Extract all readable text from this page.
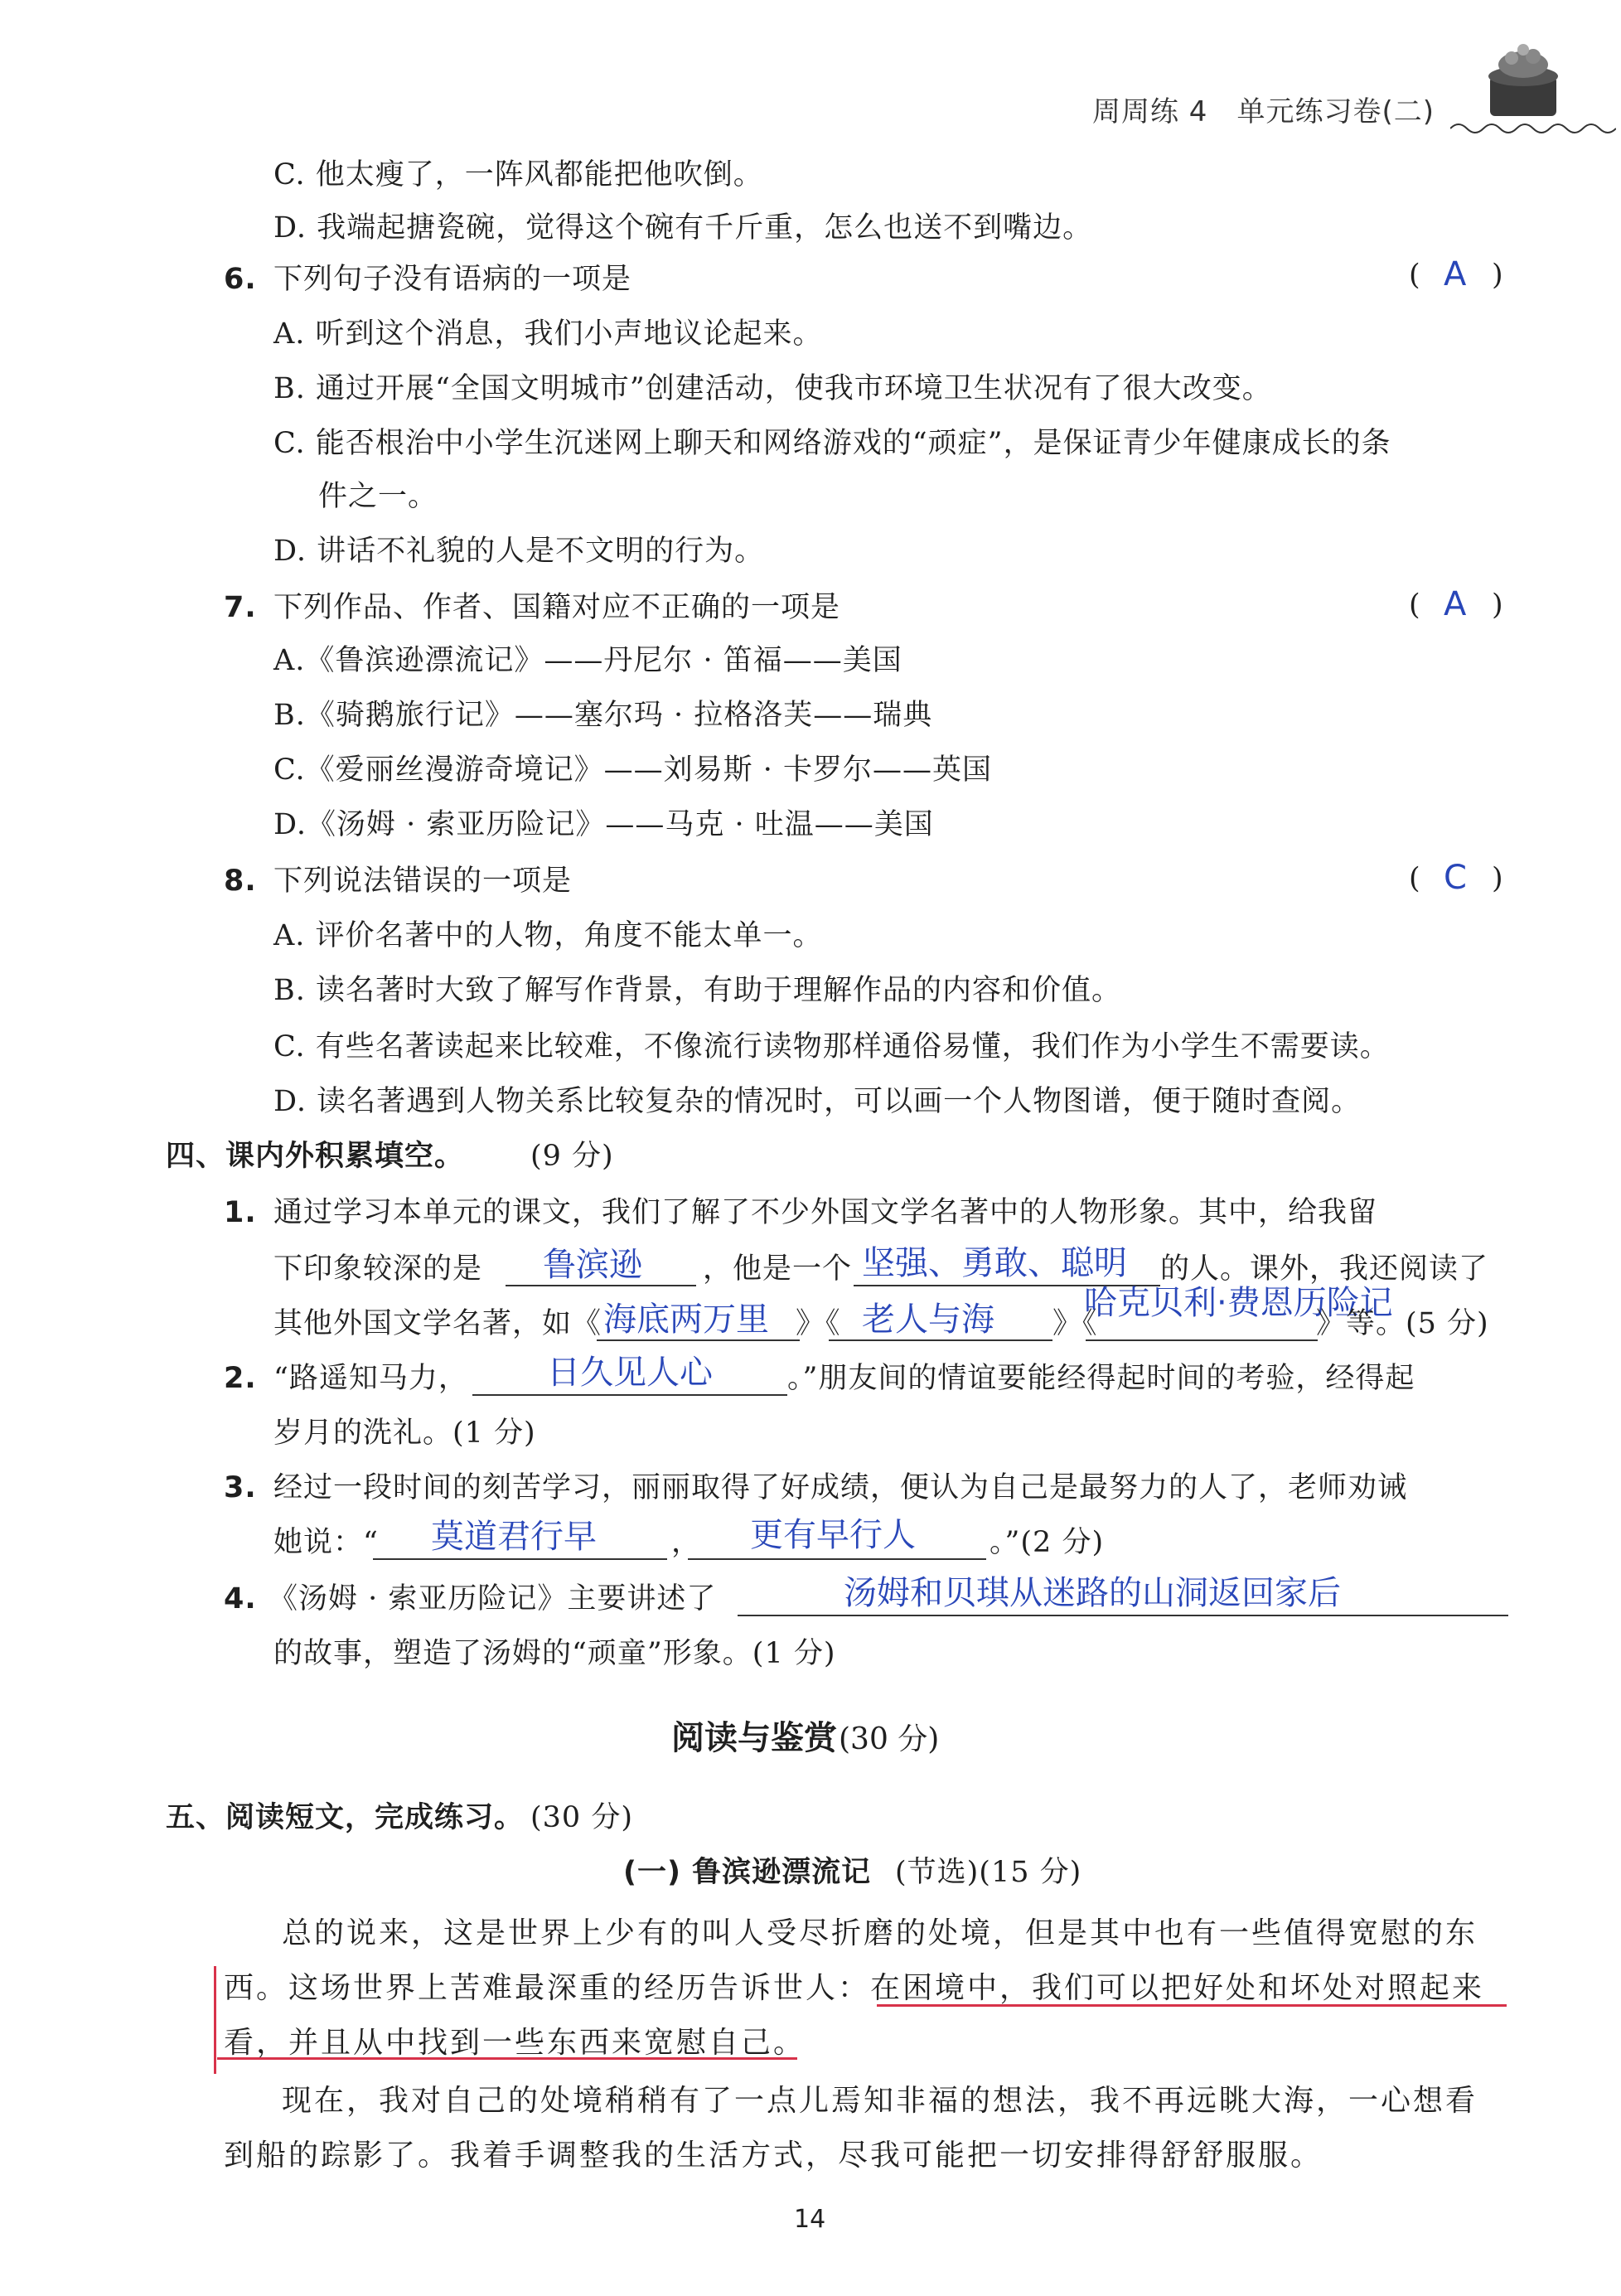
周周练 4　单元练习卷(二)
C. 他太瘦了，一阵风都能把他吹倒。
D. 我端起搪瓷碗，觉得这个碗有千斤重，怎么也送不到嘴边。
6. 下列句子没有语病的一项是	( A )
A. 听到这个消息，我们小声地议论起来。
B. 通过开展“全国文明城市”创建活动，使我市环境卫生状况有了很大改变。
C. 能否根治中小学生沉迷网上聊天和网络游戏的“顽症”，是保证青少年健康成长的条
件之一。
D. 讲话不礼貌的人是不文明的行为。
7. 下列作品、作者、国籍对应不正确的一项是	( A )
A.《鲁滨逊漂流记》——丹尼尔 · 笛福——美国
B.《骑鹅旅行记》——塞尔玛 · 拉格洛芙——瑞典
C.《爱丽丝漫游奇境记》——刘易斯 · 卡罗尔——英国
D.《汤姆 · 索亚历险记》——马克 · 吐温——美国
8. 下列说法错误的一项是	( C )
A. 评价名著中的人物，角度不能太单一。
B. 读名著时大致了解写作背景，有助于理解作品的内容和价值。
C. 有些名著读起来比较难，不像流行读物那样通俗易懂，我们作为小学生不需要读。
D. 读名著遇到人物关系比较复杂的情况时，可以画一个人物图谱，便于随时查阅。
四、课内外积累填空。 (9 分)
1. 通过学习本单元的课文，我们了解了不少外国文学名著中的人物形象。其中，给我留
下印象较深的是 鲁滨逊 ，他是一个 坚强、勇敢、聪明 的人。课外，我还阅读了
其他外国文学名著，如《 海底两万里 》《 老人与海 》《
哈克贝利·费恩历险记
》等。(5 分)
2. “路遥知马力， 日久见人心	。”朋友间的情谊要能经得起时间的考验，经得起
岁月的洗礼。(1 分)
3. 经过一段时间的刻苦学习，丽丽取得了好成绩，便认为自己是最努力的人了，老师劝诫
她说：“ 莫道君行早	， 更有早行人	。”(2 分)
4. 《汤姆 · 索亚历险记》主要讲述了	汤姆和贝琪从迷路的山洞返回家后
的故事，塑造了汤姆的“顽童”形象。(1 分)
阅读与鉴赏 (30 分)
五、阅读短文，完成练习。 (30 分)
(一) 鲁滨逊漂流记 (节选)(15 分)
总的说来，这是世界上少有的叫人受尽折磨的处境，但是其中也有一些值得宽慰的东
西。这场世界上苦难最深重的经历告诉世人：在困境中，我们可以把好处和坏处对照起来
看，并且从中找到一些东西来宽慰自己。
现在，我对自己的处境稍稍有了一点儿焉知非福的想法，我不再远眺大海，一心想看
到船的踪影了。我着手调整我的生活方式，尽我可能把一切安排得舒舒服服。
14
